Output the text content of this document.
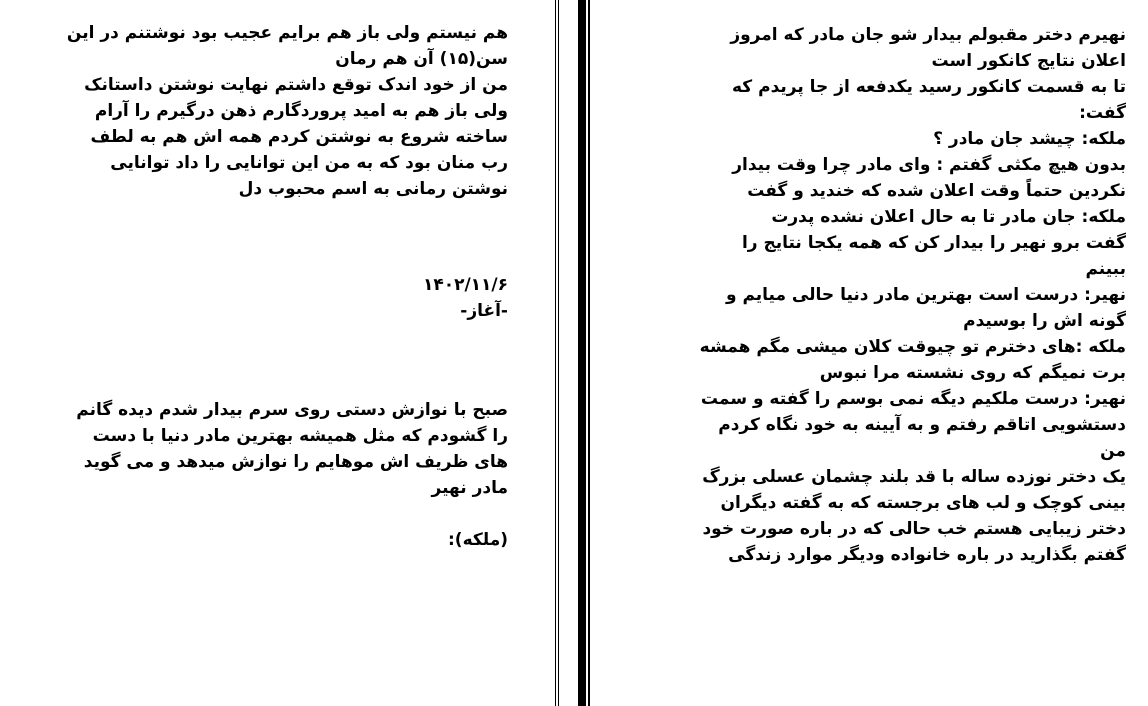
هم نیستم ولی باز هم برایم عجیب بود نوشتنم در این
سن(۱۵) آن هم رمان
من از خود اندک توقع داشتم نهایت نوشتن داستانک
ولی باز هم به امید پروردگارم ذهن درگیرم را آرام
ساخته شروع به نوشتن کردم همه اش هم به لطف
رب منان بود که به من این توانایی را داد توانایی
نوشتن رمانی به اسم محبوب دل
۱۴۰۲/۱۱/۶
-آغاز-
صبح با نوازش دستی روی سرم بیدار شدم دیده گانم
را گشودم که مثل همیشه بهترین مادر دنیا با دست
های ظریف اش موهایم را نوازش میدهد و می گوید
مادر نهیر
(ملکه):
نهیرم دختر مقبولم بیدار شو جان مادر که امروز
اعلان نتایج کانکور است
تا به قسمت کانکور رسید یکدفعه از جا پریدم که
گفت:
ملکه: چیشد جان مادر ؟
بدون هیچ مکثی گفتم : وای مادر چرا وقت بیدار
نکردین حتماً وقت اعلان شده که خندید و گفت
ملکه: جان مادر تا به حال اعلان نشده پدرت
گفت برو نهیر را بیدار کن که همه یکجا نتایج را
ببینم
نهیر: درست است بهترین مادر دنیا حالی میایم و
گونه اش را بوسیدم
ملکه :های دخترم تو چیوقت کلان میشی مگم همشه
برت نمیگم که روی نشسته مرا نبوس
نهیر: درست ملکیم دیگه نمی بوسم را گفته و سمت
دستشویی اتاقم رفتم و به آیینه به خود نگاه کردم من
یک دختر نوزده ساله با قد بلند چشمان عسلی بزرگ
بینی کوچک و لب های برجسته که به گفته دیگران
دختر زیبایی هستم خب حالی که در باره صورت خود
گفتم بگذارید در باره خانواده ودیگر موارد زندگی
